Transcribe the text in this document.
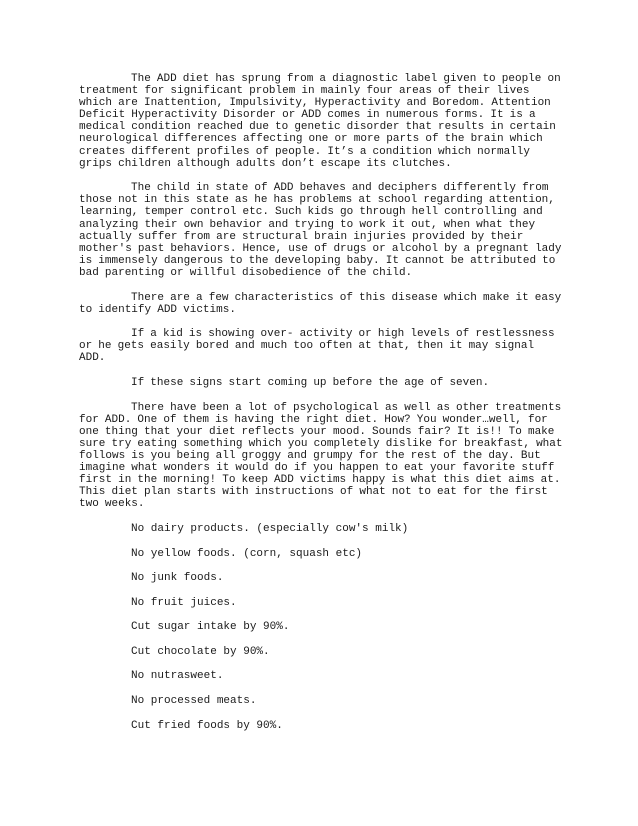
The ADD diet has sprung from a diagnostic label given to people on treatment for significant problem in mainly four areas of their lives which are Inattention, Impulsivity, Hyperactivity and Boredom. Attention Deficit Hyperactivity Disorder or ADD comes in numerous forms. It is a medical condition reached due to genetic disorder that results in certain neurological differences affecting one or more parts of the brain which creates different profiles of people. It’s a condition which normally grips children although adults don’t escape its clutches.

The child in state of ADD behaves and deciphers differently from those not in this state as he has problems at school regarding attention, learning, temper control etc. Such kids go through hell controlling and analyzing their own behavior and trying to work it out, when what they actually suffer from are structural brain injuries provided by their mother's past behaviors. Hence, use of drugs or alcohol by a pregnant lady is immensely dangerous to the developing baby. It cannot be attributed to bad parenting or willful disobedience of the child.

There are a few characteristics of this disease which make it easy to identify ADD victims.

If a kid is showing over- activity or high levels of restlessness or he gets easily bored and much too often at that, then it may signal ADD.

If these signs start coming up before the age of seven.

There have been a lot of psychological as well as other treatments for ADD. One of them is having the right diet. How? You wonder…well, for one thing that your diet reflects your mood. Sounds fair? It is!! To make sure try eating something which you completely dislike for breakfast, what follows is you being all groggy and grumpy for the rest of the day. But imagine what wonders it would do if you happen to eat your favorite stuff first in the morning! To keep ADD victims happy is what this diet aims at. This diet plan starts with instructions of what not to eat for the first two weeks.

No dairy products. (especially cow's milk)
No yellow foods. (corn, squash etc)
No junk foods.
No fruit juices.
Cut sugar intake by 90%.
Cut chocolate by 90%.
No nutrasweet.
No processed meats.
Cut fried foods by 90%.
